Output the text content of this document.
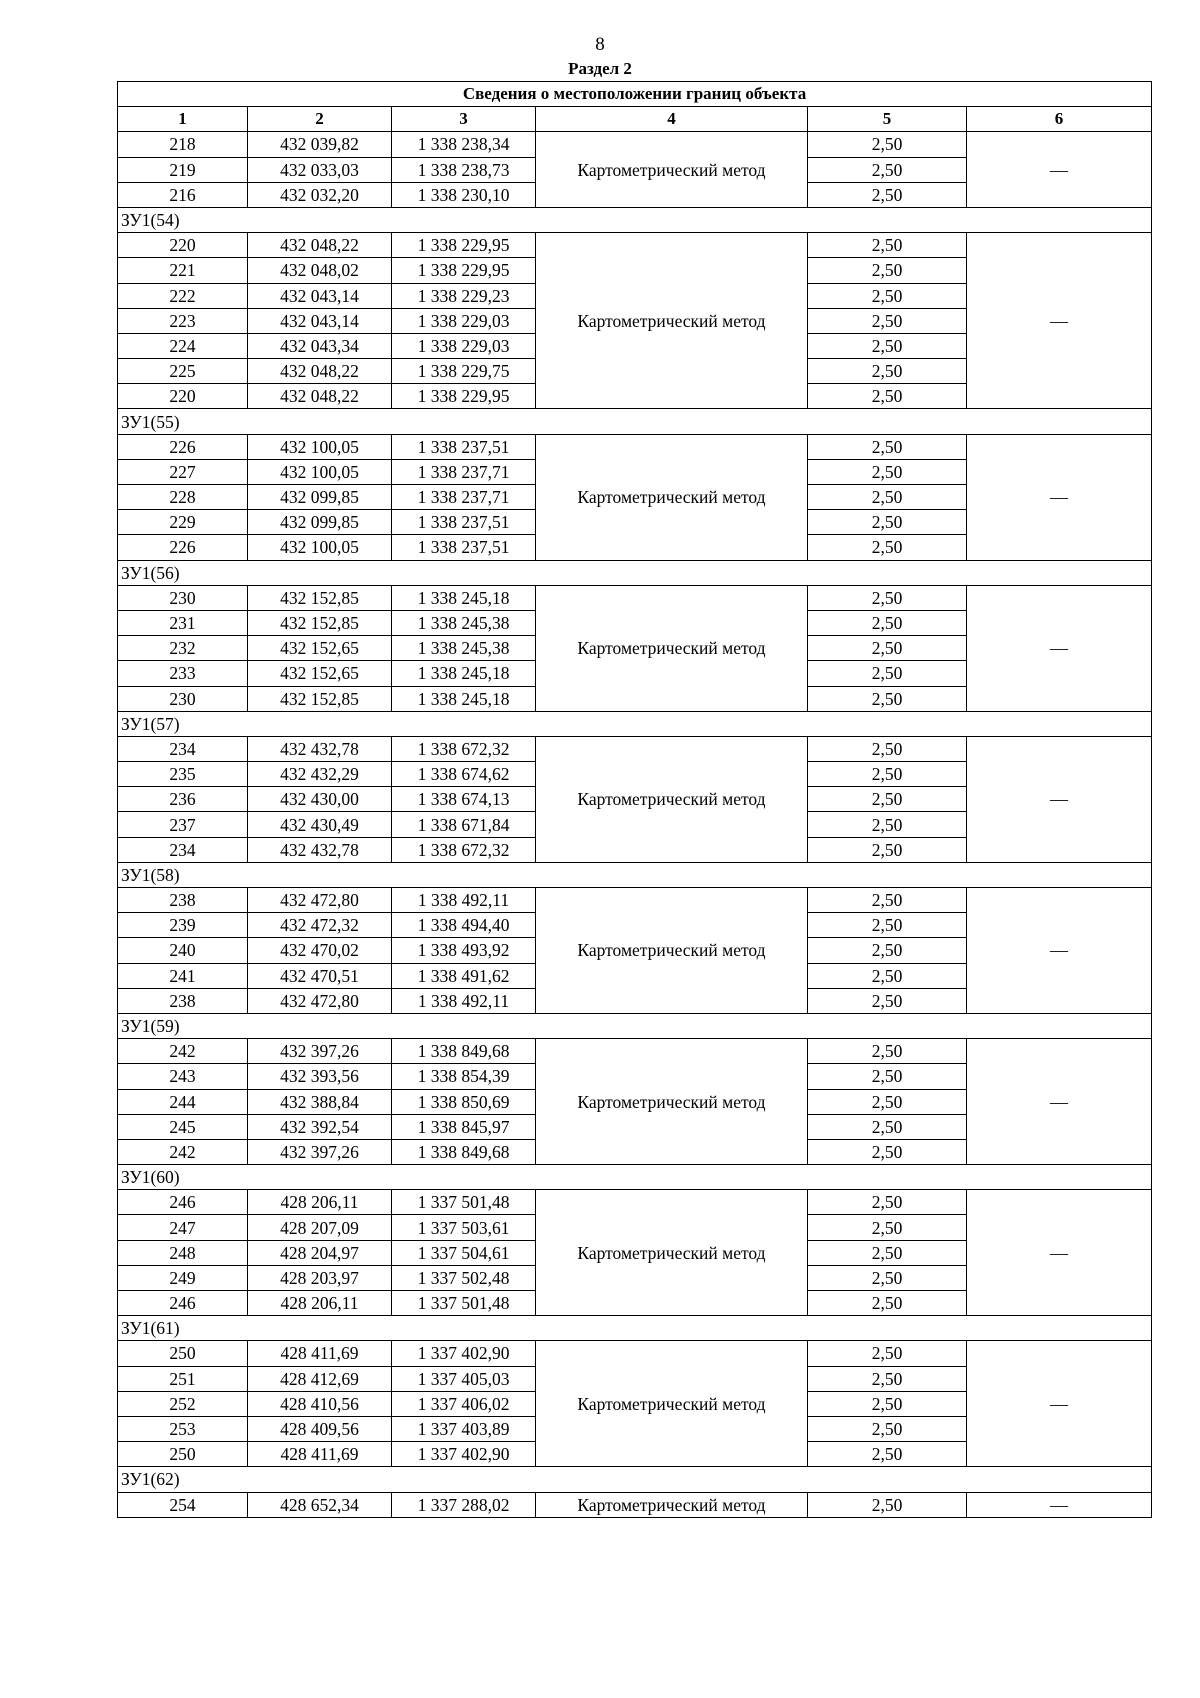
8
Раздел 2
Сведения о местоположении границ объекта					
1	2	3	4	5	6
218	432 039,82	1 338 238,34	Картометрический метод	2,50	—
219	432 033,03	1 338 238,73		2,50	
216	432 032,20	1 338 230,10		2,50	
ЗУ1(54)					
220	432 048,22	1 338 229,95	Картометрический метод	2,50	—
221	432 048,02	1 338 229,95		2,50	
222	432 043,14	1 338 229,23		2,50	
223	432 043,14	1 338 229,03		2,50	
224	432 043,34	1 338 229,03		2,50	
225	432 048,22	1 338 229,75		2,50	
220	432 048,22	1 338 229,95		2,50	
ЗУ1(55)					
226	432 100,05	1 338 237,51	Картометрический метод	2,50	—
227	432 100,05	1 338 237,71		2,50	
228	432 099,85	1 338 237,71		2,50	
229	432 099,85	1 338 237,51		2,50	
226	432 100,05	1 338 237,51		2,50	
ЗУ1(56)					
230	432 152,85	1 338 245,18	Картометрический метод	2,50	—
231	432 152,85	1 338 245,38		2,50	
232	432 152,65	1 338 245,38		2,50	
233	432 152,65	1 338 245,18		2,50	
230	432 152,85	1 338 245,18		2,50	
ЗУ1(57)					
234	432 432,78	1 338 672,32	Картометрический метод	2,50	—
235	432 432,29	1 338 674,62		2,50	
236	432 430,00	1 338 674,13		2,50	
237	432 430,49	1 338 671,84		2,50	
234	432 432,78	1 338 672,32		2,50	
ЗУ1(58)					
238	432 472,80	1 338 492,11	Картометрический метод	2,50	—
239	432 472,32	1 338 494,40		2,50	
240	432 470,02	1 338 493,92		2,50	
241	432 470,51	1 338 491,62		2,50	
238	432 472,80	1 338 492,11		2,50	
ЗУ1(59)					
242	432 397,26	1 338 849,68	Картометрический метод	2,50	—
243	432 393,56	1 338 854,39		2,50	
244	432 388,84	1 338 850,69		2,50	
245	432 392,54	1 338 845,97		2,50	
242	432 397,26	1 338 849,68		2,50	
ЗУ1(60)					
246	428 206,11	1 337 501,48	Картометрический метод	2,50	—
247	428 207,09	1 337 503,61		2,50	
248	428 204,97	1 337 504,61		2,50	
249	428 203,97	1 337 502,48		2,50	
246	428 206,11	1 337 501,48		2,50	
ЗУ1(61)					
250	428 411,69	1 337 402,90	Картометрический метод	2,50	—
251	428 412,69	1 337 405,03		2,50	
252	428 410,56	1 337 406,02		2,50	
253	428 409,56	1 337 403,89		2,50	
250	428 411,69	1 337 402,90		2,50	
ЗУ1(62)					
254	428 652,34	1 337 288,02	Картометрический метод	2,50	—
